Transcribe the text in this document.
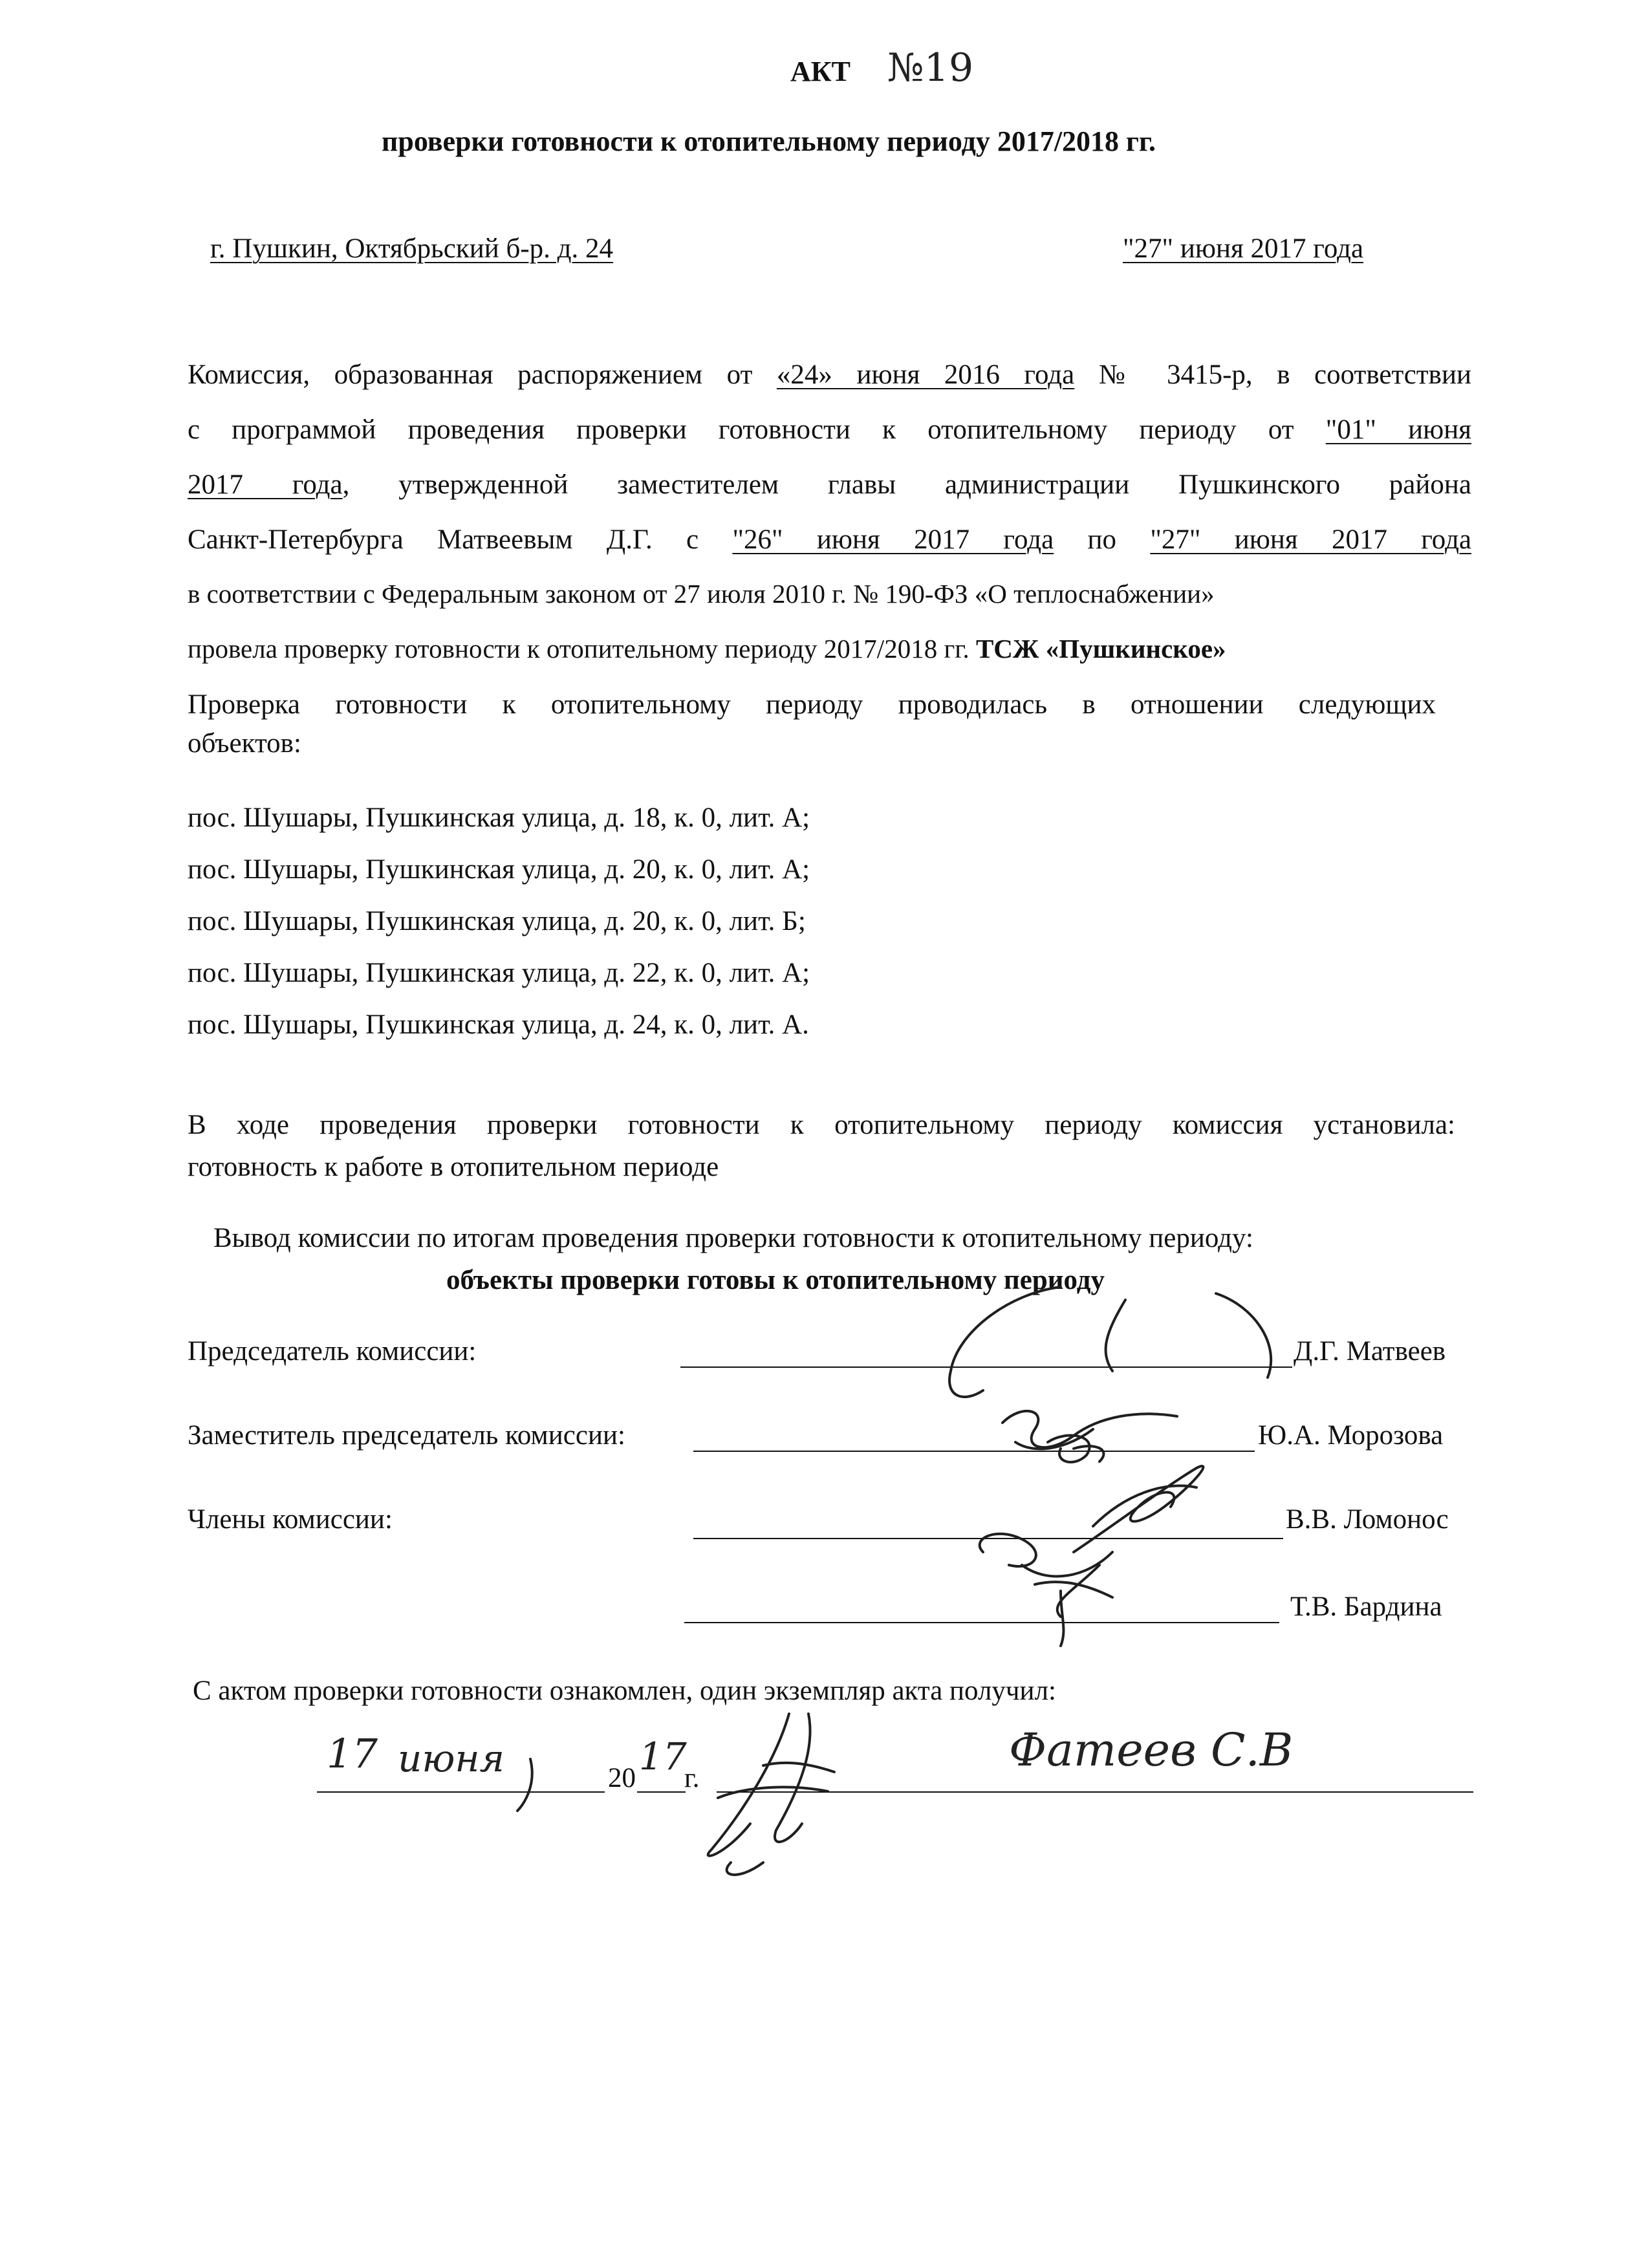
АКТ №19
проверки готовности к отопительному периоду 2017/2018 гг.
г. Пушкин, Октябрьский б-р. д. 24	"27" июня 2017 года
Комиссия, образованная распоряжением от «24» июня 2016 года № 3415-р, в соответствии
с программой проведения проверки готовности к отопительному периоду от "01" июня
2017 года, утвержденной заместителем главы администрации Пушкинского района
Санкт-Петербурга Матвеевым Д.Г. с "26" июня 2017 года по "27" июня 2017 года
в соответствии с Федеральным законом от 27 июля 2010 г. № 190-ФЗ «О теплоснабжении»
провела проверку готовности к отопительному периоду 2017/2018 гг. ТСЖ «Пушкинское»
Проверка готовности к отопительному периоду проводилась в отношении следующих
объектов:
пос. Шушары, Пушкинская улица, д. 18, к. 0, лит. А;
пос. Шушары, Пушкинская улица, д. 20, к. 0, лит. А;
пос. Шушары, Пушкинская улица, д. 20, к. 0, лит. Б;
пос. Шушары, Пушкинская улица, д. 22, к. 0, лит. А;
пос. Шушары, Пушкинская улица, д. 24, к. 0, лит. А.
В ходе проведения проверки готовности к отопительному периоду комиссия установила:
готовность к работе в отопительном периоде
Вывод комиссии по итогам проведения проверки готовности к отопительному периоду:
объекты проверки готовы к отопительному периоду
Председатель комиссии:	Д.Г. Матвеев
Заместитель председатель комиссии:	Ю.А. Морозова
Члены комиссии:	В.В. Ломонос
Т.В. Бардина
С актом проверки готовности ознакомлен, один экземпляр акта получил:
17 июня	20 17
г.
Фатеев С.В
